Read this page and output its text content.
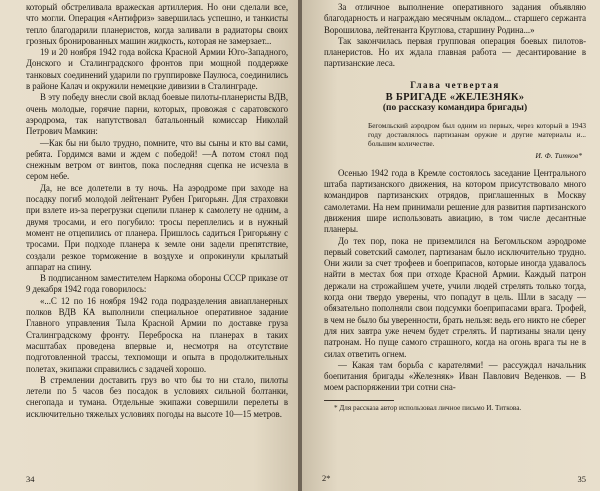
который обстреливала вражеская артиллерия. Но они сделали все, что могли. Операция «Антифриз» завершилась успешно, и танкисты тепло благодарили планеристов, когда заливали в радиаторы своих грозных бронированных машин жидкость, которая не замерзает...

19 и 20 ноября 1942 года войска Красной Армии Юго-Западного, Донского и Сталинградского фронтов при мощной поддержке танковых соединений ударили по группировке Паулюса, соединились в районе Калач и окружили немецкие дивизии в Сталинграде.

В эту победу внесли свой вклад боевые пилоты-планеристы ВДВ, очень молодые, горячие парни, которых, провожая с саратовского аэродрома, так напутствовал батальонный комиссар Николай Петрович Мамкин:

—Как бы ни было трудно, помните, что вы сыны и кто вы сами, ребята. Гордимся вами и ждем с победой! —А потом стоял под снежным ветром от винтов, пока последняя сцепка не исчезла в сером небе.

Да, не все долетели в ту ночь. На аэродроме при заходе на посадку погиб молодой лейтенант Рубен Григорьян. Для страховки при взлете из-за перегрузки сцепили планер к самолету не одним, а двумя тросами, и его погубило: тросы переплелись и в нужный момент не отцепились от планера. Пришлось садиться Григорьяну с тросами. При подходе планера к земле они задели препятствие, создали резкое торможение в воздухе и опрокинули крылатый аппарат на спину.

В подписанном заместителем Наркома обороны СССР приказе от 9 декабря 1942 года говорилось:

«...С 12 по 16 ноября 1942 года подразделения авиапланерных полков ВДВ КА выполнили специальное оперативное задание Главного управления Тыла Красной Армии по доставке груза Сталинградскому фронту. Переброска на планерах в таких масштабах проведена впервые и, несмотря на отсутствие подготовленной трассы, техпомощи и опыта в продолжительных полетах, экипажи справились с задачей хорошо.

В стремлении доставить груз во что бы то ни стало, пилоты летели по 5 часов без посадок в условиях сильной болтанки, снегопада и тумана. Отдельные экипажи совершили перелеты в исключительно тяжелых условиях погоды на высоте 10—15 метров.

34

За отличное выполнение оперативного задания объявляю благодарность и награждаю месячным окладом... старшего сержанта Ворошилова, лейтенанта Круглова, старшину Родина...»

Так закончилась первая групповая операция боевых пилотов-планеристов. Но их ждала главная работа — десантирование в партизанские леса.

Глава четвертая
В БРИГАДЕ «ЖЕЛЕЗНЯК»
(по рассказу командира бригады)

Бегомльский аэродром был одним из первых, через который в 1943 году доставлялось партизанам оружие и другие материалы и... большим количестве.

И. Ф. Титков*

Осенью 1942 года в Кремле состоялось заседание Центрального штаба партизанского движения, на котором присутствовало много командиров партизанских отрядов, приглашенных в Москву самолетами. На нем принимали решение для развития партизанского движения шире использовать авиацию, в том числе десантные планеры.

До тех пор, пока не приземлился на Бегомльском аэродроме первый советский самолет, партизанам было исключительно трудно. Они жили за счет трофеев и боеприпасов, которые иногда удавалось найти в местах боя при отходе Красной Армии. Каждый патрон держали на строжайшем учете, учили людей стрелять только тогда, когда они твердо уверены, что попадут в цель. Шли в засаду — обязательно пополняли свои подсумки боеприпасами врага. Трофей, в чем не было бы уверенности, брать нельзя: ведь его никто не сберег для них завтра уже нечем будет стрелять. И партизаны знали цену патронам. Но пуще самого страшного, когда на огонь врага ты не в силах ответить огнем.

— Какая там борьба с карателями! — рассуждал начальник боепитания бригады «Железняк» Иван Павлович Веденков. — В моем распоряжении три сотни сна-

* Для рассказа автор использовал личное письмо И. Титкова.

2*	35
